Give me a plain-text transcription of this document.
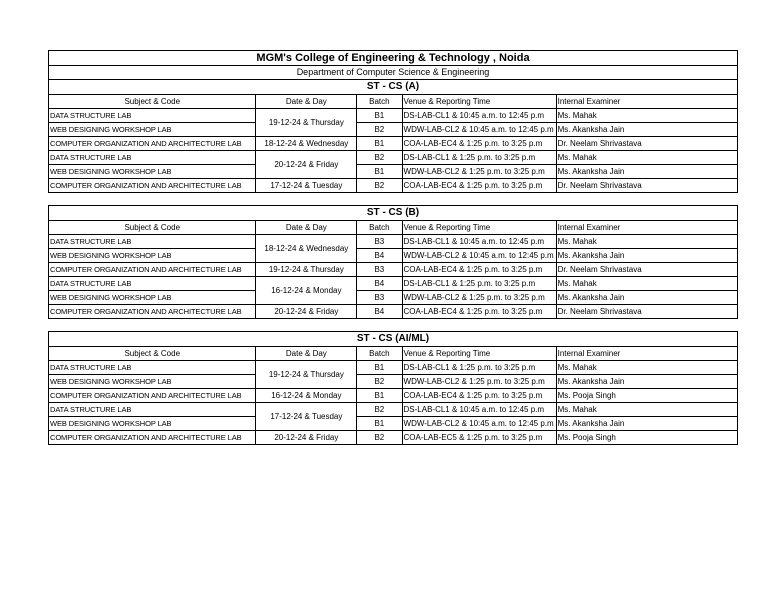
MGM's College of Engineering & Technology , Noida
Department of Computer Science & Engineering
ST - CS (A)				
Subject & Code	Date & Day	Batch	Venue & Reporting Time	Internal Examiner
DATA STRUCTURE LAB	19-12-24 & Thursday	B1	DS-LAB-CL1 & 10:45 a.m. to 12:45 p.m	Ms. Mahak
WEB DESIGNING WORKSHOP LAB		B2	WDW-LAB-CL2 & 10:45 a.m. to 12:45 p.m	Ms. Akanksha Jain
COMPUTER ORGANIZATION AND ARCHITECTURE LAB	18-12-24 & Wednesday	B1	COA-LAB-EC4 & 1:25 p.m. to 3:25 p.m	Dr. Neelam Shrivastava
DATA STRUCTURE LAB	20-12-24 & Friday	B2	DS-LAB-CL1 & 1:25 p.m. to 3:25 p.m	Ms. Mahak
WEB DESIGNING WORKSHOP LAB		B1	WDW-LAB-CL2 & 1:25 p.m. to 3:25 p.m	Ms. Akanksha Jain
COMPUTER ORGANIZATION AND ARCHITECTURE LAB	17-12-24 & Tuesday	B2	COA-LAB-EC4 & 1:25 p.m. to 3:25 p.m	Dr. Neelam Shrivastava
ST - CS (B)				
Subject & Code	Date & Day	Batch	Venue & Reporting Time	Internal Examiner
DATA STRUCTURE LAB	18-12-24 & Wednesday	B3	DS-LAB-CL1 & 10:45 a.m. to 12:45 p.m	Ms. Mahak
WEB DESIGNING WORKSHOP LAB		B4	WDW-LAB-CL2 & 10:45 a.m. to 12:45 p.m	Ms. Akanksha Jain
COMPUTER ORGANIZATION AND ARCHITECTURE LAB	19-12-24 & Thursday	B3	COA-LAB-EC4 & 1:25 p.m. to 3:25 p.m	Dr. Neelam Shrivastava
DATA STRUCTURE LAB	16-12-24 & Monday	B4	DS-LAB-CL1 & 1:25 p.m. to 3:25 p.m	Ms. Mahak
WEB DESIGNING WORKSHOP LAB		B3	WDW-LAB-CL2 & 1:25 p.m. to 3:25 p.m	Ms. Akanksha Jain
COMPUTER ORGANIZATION AND ARCHITECTURE LAB	20-12-24 & Friday	B4	COA-LAB-EC4 & 1:25 p.m. to 3:25 p.m	Dr. Neelam Shrivastava
ST - CS (AI/ML)				
Subject & Code	Date & Day	Batch	Venue & Reporting Time	Internal Examiner
DATA STRUCTURE LAB	19-12-24 & Thursday	B1	DS-LAB-CL1 & 1:25 p.m. to 3:25 p.m	Ms. Mahak
WEB DESIGNING WORKSHOP LAB		B2	WDW-LAB-CL2 & 1:25 p.m. to 3:25 p.m	Ms. Akanksha Jain
COMPUTER ORGANIZATION AND ARCHITECTURE LAB	16-12-24 & Monday	B1	COA-LAB-EC4 & 1:25 p.m. to 3:25 p.m	Ms. Pooja Singh
DATA STRUCTURE LAB	17-12-24 & Tuesday	B2	DS-LAB-CL1 & 10:45 a.m. to 12:45 p.m	Ms. Mahak
WEB DESIGNING WORKSHOP LAB		B1	WDW-LAB-CL2 & 10:45 a.m. to 12:45 p.m	Ms. Akanksha Jain
COMPUTER ORGANIZATION AND ARCHITECTURE LAB	20-12-24 & Friday	B2	COA-LAB-EC5 & 1:25 p.m. to 3:25 p.m	Ms. Pooja Singh
